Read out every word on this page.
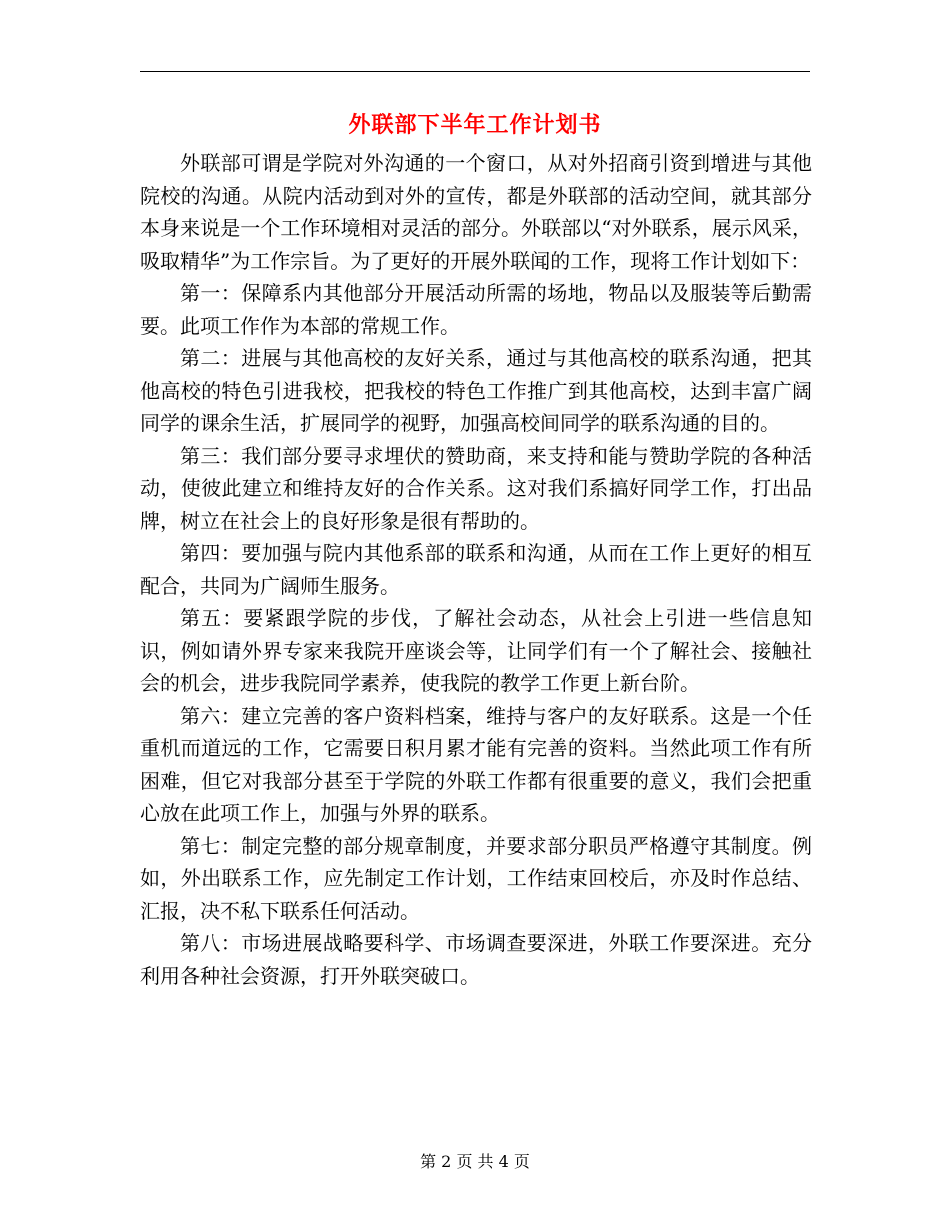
外联部下半年工作计划书

外联部可谓是学院对外沟通的一个窗口，从对外招商引资到增进与其他院校的沟通。从院内活动到对外的宣传，都是外联部的活动空间，就其部分本身来说是一个工作环境相对灵活的部分。外联部以“对外联系，展示风采，吸取精华”为工作宗旨。为了更好的开展外联闻的工作，现将工作计划如下：

第一：保障系内其他部分开展活动所需的场地，物品以及服装等后勤需要。此项工作作为本部的常规工作。

第二：进展与其他高校的友好关系，通过与其他高校的联系沟通，把其他高校的特色引进我校，把我校的特色工作推广到其他高校，达到丰富广阔同学的课余生活，扩展同学的视野，加强高校间同学的联系沟通的目的。

第三：我们部分要寻求埋伏的赞助商，来支持和能与赞助学院的各种活动，使彼此建立和维持友好的合作关系。这对我们系搞好同学工作，打出品牌，树立在社会上的良好形象是很有帮助的。

第四：要加强与院内其他系部的联系和沟通，从而在工作上更好的相互配合，共同为广阔师生服务。

第五：要紧跟学院的步伐，了解社会动态，从社会上引进一些信息知识，例如请外界专家来我院开座谈会等，让同学们有一个了解社会、接触社会的机会，进步我院同学素养，使我院的教学工作更上新台阶。

第六：建立完善的客户资料档案，维持与客户的友好联系。这是一个任重机而道远的工作，它需要日积月累才能有完善的资料。当然此项工作有所困难，但它对我部分甚至于学院的外联工作都有很重要的意义，我们会把重心放在此项工作上，加强与外界的联系。

第七：制定完整的部分规章制度，并要求部分职员严格遵守其制度。例如，外出联系工作，应先制定工作计划，工作结束回校后，亦及时作总结、汇报，决不私下联系任何活动。

第八：市场进展战略要科学、市场调查要深进，外联工作要深进。充分利用各种社会资源，打开外联突破口。

第 2 页 共 4 页
